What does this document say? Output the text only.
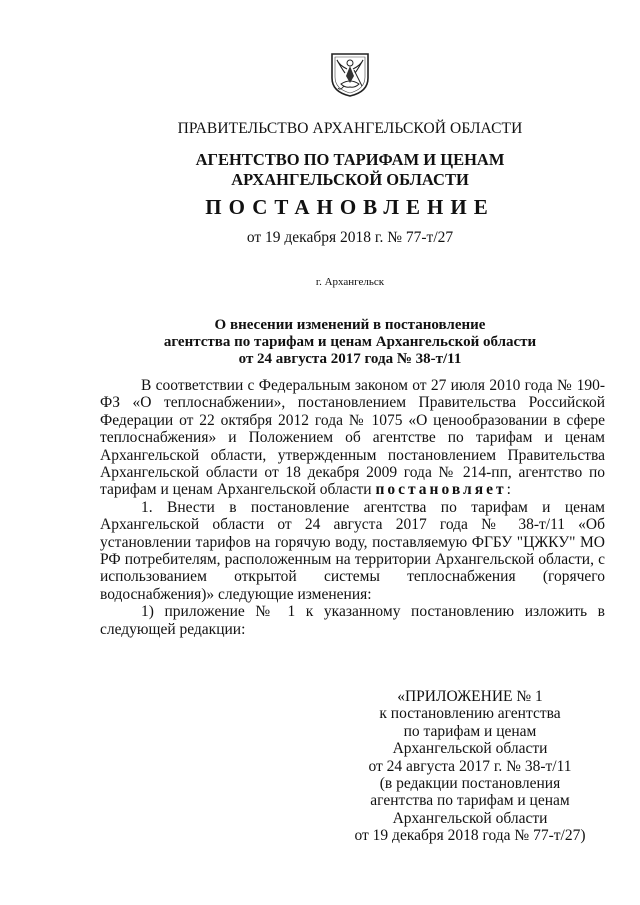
ПРАВИТЕЛЬСТВО АРХАНГЕЛЬСКОЙ ОБЛАСТИ
АГЕНТСТВО ПО ТАРИФАМ И ЦЕНАМ
АРХАНГЕЛЬСКОЙ ОБЛАСТИ
ПОСТАНОВЛЕНИЕ
от 19 декабря 2018 г. № 77-т/27
г. Архангельск
О внесении изменений в постановление
агентства по тарифам и ценам Архангельской области
от 24 августа 2017 года № 38-т/11

В соответствии с Федеральным законом от 27 июля 2010 года № 190-ФЗ «О теплоснабжении», постановлением Правительства Российской Федерации от 22 октября 2012 года № 1075 «О ценообразовании в сфере теплоснабжения» и Положением об агентстве по тарифам и ценам Архангельской области, утвержденным постановлением Правительства Архангельской области от 18 декабря 2009 года № 214-пп, агентство по тарифам и ценам Архангельской области постановляет:

1. Внести в постановление агентства по тарифам и ценам Архангельской области от 24 августа 2017 года № 38-т/11 «Об установлении тарифов на горячую воду, поставляемую ФГБУ "ЦЖКУ" МО РФ потребителям, расположенным на территории Архангельской области, с использованием открытой системы теплоснабжения (горячего водоснабжения)» следующие изменения:

1) приложение № 1 к указанному постановлению изложить в следующей редакции:

«ПРИЛОЖЕНИЕ № 1
к постановлению агентства
по тарифам и ценам
Архангельской области
от 24 августа 2017 г. № 38-т/11
(в редакции постановления
агентства по тарифам и ценам
Архангельской области
от 19 декабря 2018 года № 77-т/27)
